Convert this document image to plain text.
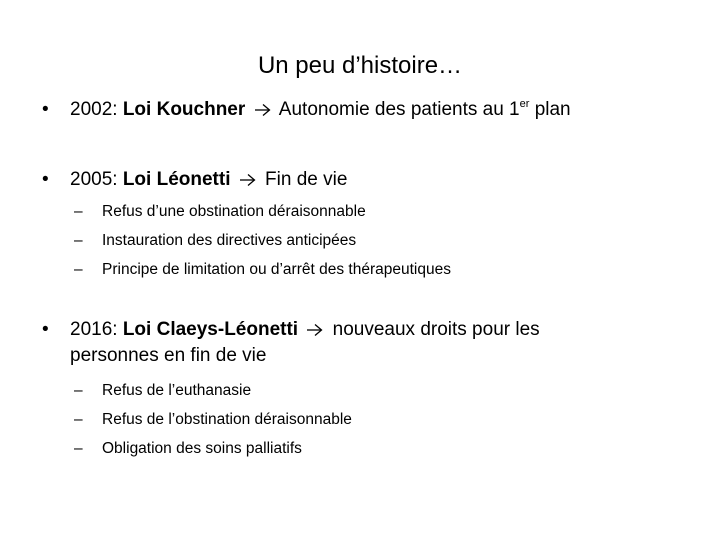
Un peu d’histoire…
• 2002: Loi Kouchner Autonomie des patients au 1er plan
• 2005: Loi Léonetti Fin de vie
– Refus d’une obstination déraisonnable
– Instauration des directives anticipées
– Principe de limitation ou d’arrêt des thérapeutiques
• 2016: Loi Claeys-Léonetti nouveaux droits pour les
personnes en fin de vie
– Refus de l’euthanasie
– Refus de l’obstination déraisonnable
– Obligation des soins palliatifs
